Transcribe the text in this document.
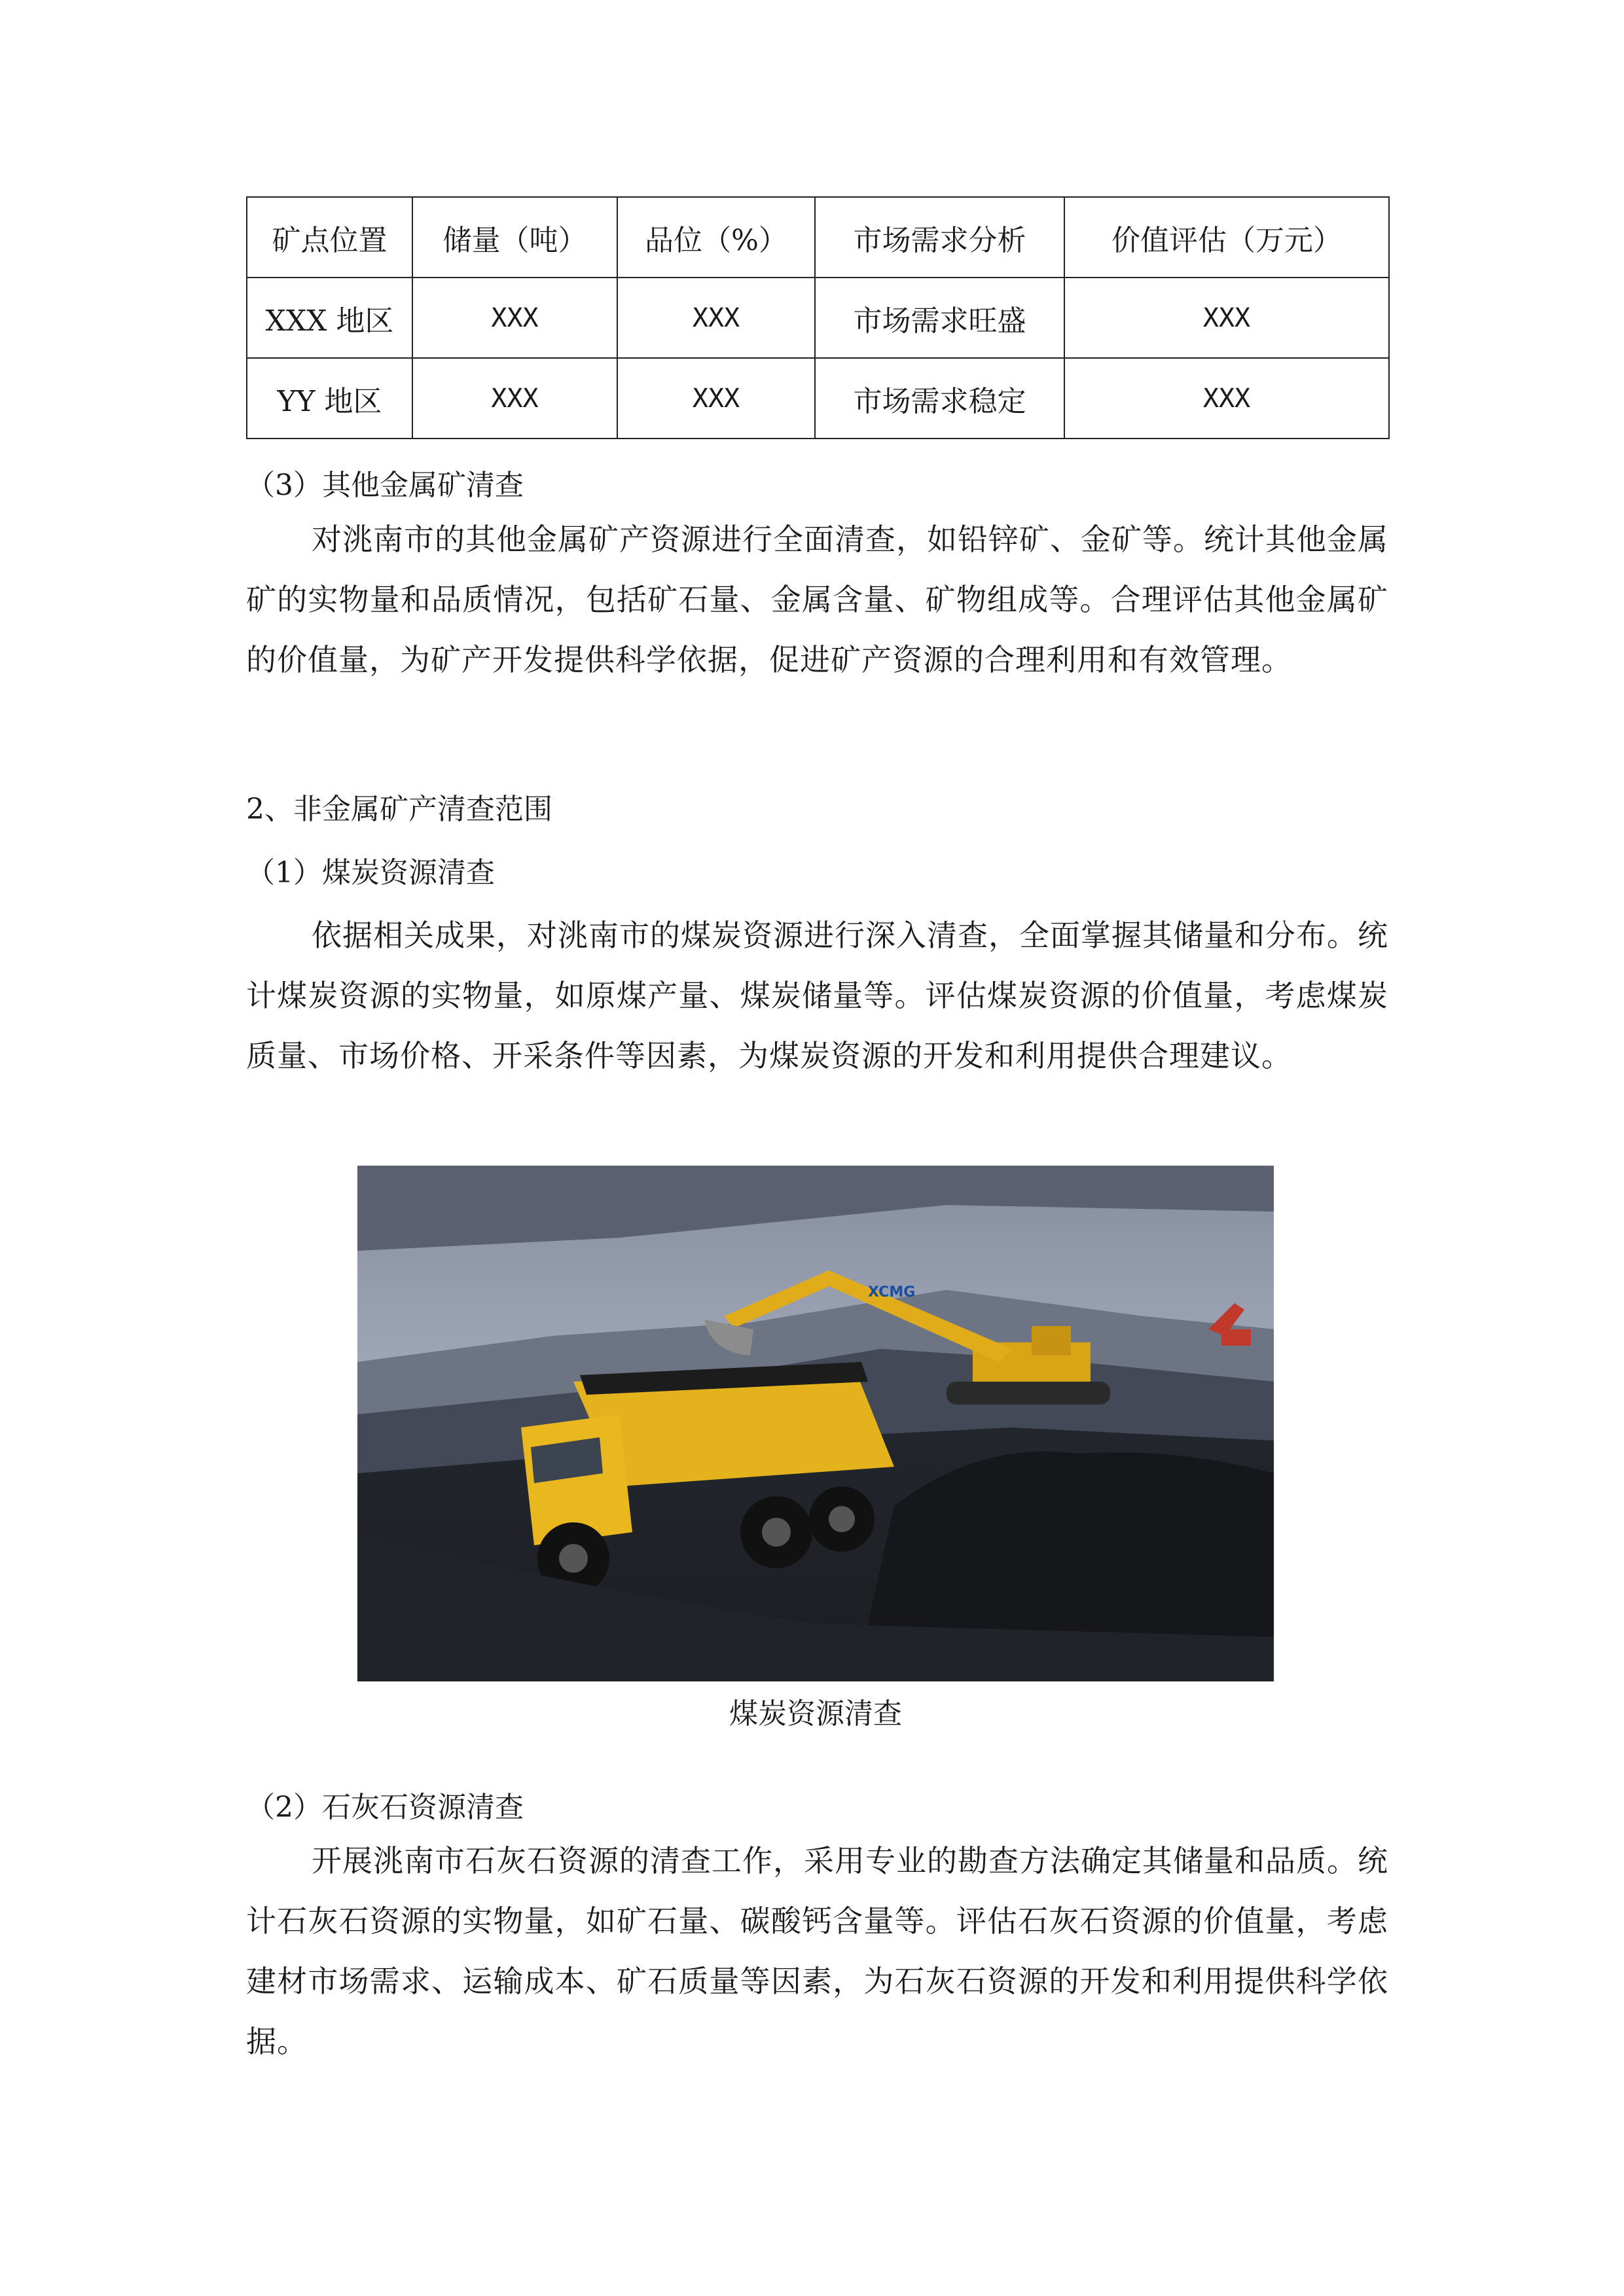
矿点位置	储量（吨）	品位（%）	市场需求分析	价值评估（万元）
XXX 地区	XXX	XXX	市场需求旺盛	XXX
YY 地区	XXX	XXX	市场需求稳定	XXX
（3）其他金属矿清查
对洮南市的其他金属矿产资源进行全面清查，如铅锌矿、金矿等。统计其他金属矿的实物量和品质情况，包括矿石量、金属含量、矿物组成等。合理评估其他金属矿的价值量，为矿产开发提供科学依据，促进矿产资源的合理利用和有效管理。
2、非金属矿产清查范围
（1）煤炭资源清查
依据相关成果，对洮南市的煤炭资源进行深入清查，全面掌握其储量和分布。统计煤炭资源的实物量，如原煤产量、煤炭储量等。评估煤炭资源的价值量，考虑煤炭质量、市场价格、开采条件等因素，为煤炭资源的开发和利用提供合理建议。
XCMG
煤炭资源清查
（2）石灰石资源清查
开展洮南市石灰石资源的清查工作，采用专业的勘查方法确定其储量和品质。统计石灰石资源的实物量，如矿石量、碳酸钙含量等。评估石灰石资源的价值量，考虑建材市场需求、运输成本、矿石质量等因素，为石灰石资源的开发和利用提供科学依据。
